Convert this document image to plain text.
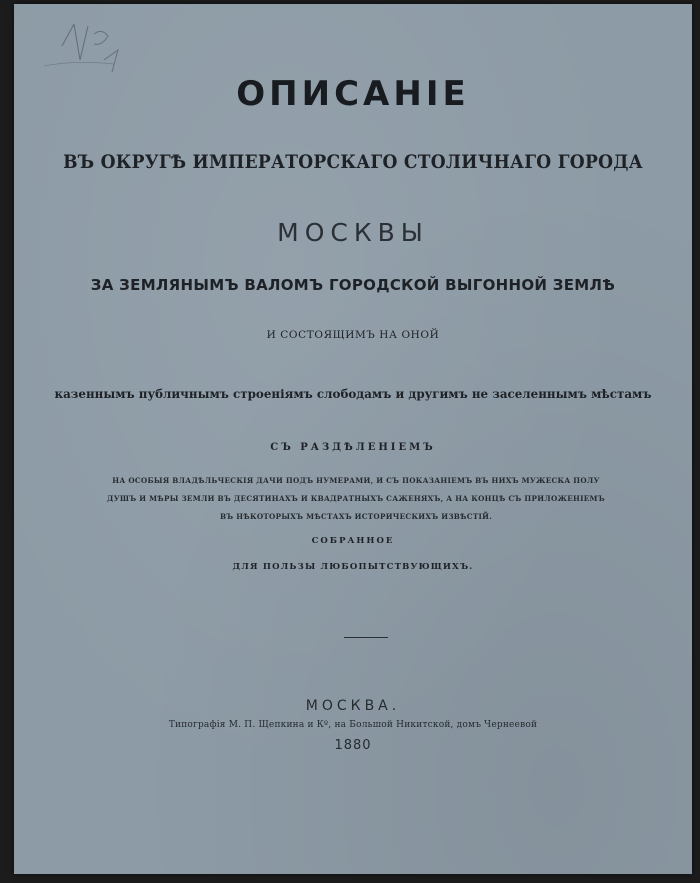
ОПИСАНІЕ
ВЪ ОКРУГѢ ИМПЕРАТОРСКАГО СТОЛИЧНАГО ГОРОДА
МОСКВЫ
ЗА ЗЕМЛЯНЫМЪ ВАЛОМЪ ГОРОДСКОЙ ВЫГОННОЙ ЗЕМЛѢ
И СОСТОЯЩИМЪ НА ОНОЙ
казеннымъ публичнымъ строеніямъ слободамъ и другимъ не заселеннымъ мѣстамъ
СЪ РАЗДѢЛЕНІЕМЪ
НА ОСОБЫЯ ВЛАДѢЛЬЧЕСКІЯ ДАЧИ ПОДЪ НУМЕРАМИ, И СЪ ПОКАЗАНІЕМЪ ВЪ НИХЪ МУЖЕСКА ПОЛУ ДУШЪ И МѢРЫ ЗЕМЛИ ВЪ ДЕСЯТИНАХЪ И КВАДРАТНЫХЪ САЖЕНЯХЪ, А НА КОНЦѢ СЪ ПРИЛОЖЕНІЕМЪ ВЪ НѢКОТОРЫХЪ МѢСТАХЪ ИСТОРИЧЕСКИХЪ ИЗВѢСТІЙ.
СОБРАННОЕ
ДЛЯ ПОЛЬЗЫ ЛЮБОПЫТСТВУЮЩИХЪ.
МОСКВА.
Типографія М. П. Щепкина и Кº, на Большой Никитской, домъ Чернеевой
1880
